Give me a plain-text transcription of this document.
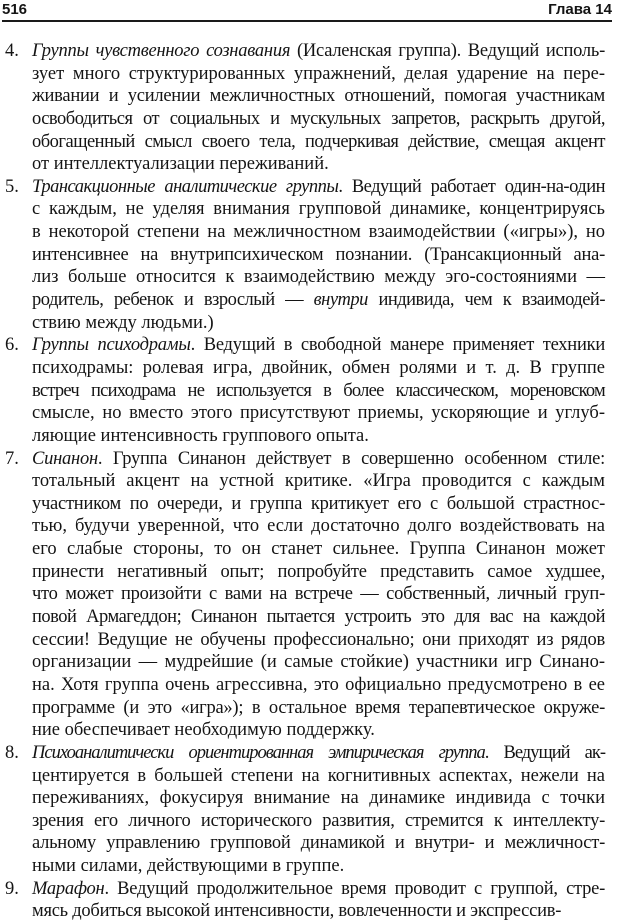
516	Глава 14
4. Группы чувственного сознавания (Исаленская группа). Ведущий исполь-
зует много структурированных упражнений, делая ударение на пере-
живании и усилении межличностных отношений, помогая участникам
освободиться от социальных и мускульных запретов, раскрыть другой,
обогащенный смысл своего тела, подчеркивая действие, смещая акцент
от интеллектуализации переживаний.
5. Трансакционные аналитические группы. Ведущий работает один-на-один
с каждым, не уделяя внимания групповой динамике, концентрируясь
в некоторой степени на межличностном взаимодействии («игры»), но
интенсивнее на внутрипсихическом познании. (Трансакционный ана-
лиз больше относится к взаимодействию между эго-состояниями —
родитель, ребенок и взрослый — внутри индивида, чем к взаимодей-
ствию между людьми.)
6. Группы психодрамы. Ведущий в свободной манере применяет техники
психодрамы: ролевая игра, двойник, обмен ролями и т. д. В группе
встреч психодрама не используется в более классическом, мореновском
смысле, но вместо этого присутствуют приемы, ускоряющие и углуб-
ляющие интенсивность группового опыта.
7. Синанон. Группа Синанон действует в совершенно особенном стиле:
тотальный акцент на устной критике. «Игра проводится с каждым
участником по очереди, и группа критикует его с большой страстнос-
тью, будучи уверенной, что если достаточно долго воздействовать на
его слабые стороны, то он станет сильнее. Группа Синанон может
принести негативный опыт; попробуйте представить самое худшее,
что может произойти с вами на встрече — собственный, личный груп-
повой Армагеддон; Синанон пытается устроить это для вас на каждой
сессии! Ведущие не обучены профессионально; они приходят из рядов
организации — мудрейшие (и самые стойкие) участники игр Синано-
на. Хотя группа очень агрессивна, это официально предусмотрено в ее
программе (и это «игра»); в остальное время терапевтическое окруже-
ние обеспечивает необходимую поддержку.
8. Психоаналитически ориентированная эмпирическая группа. Ведущий ак-
центируется в большей степени на когнитивных аспектах, нежели на
переживаниях, фокусируя внимание на динамике индивида с точки
зрения его личного исторического развития, стремится к интеллекту-
альному управлению групповой динамикой и внутри- и межличност-
ными силами, действующими в группе.
9. Марафон. Ведущий продолжительное время проводит с группой, стре-
мясь добиться высокой интенсивности, вовлеченности и экспрессив-
